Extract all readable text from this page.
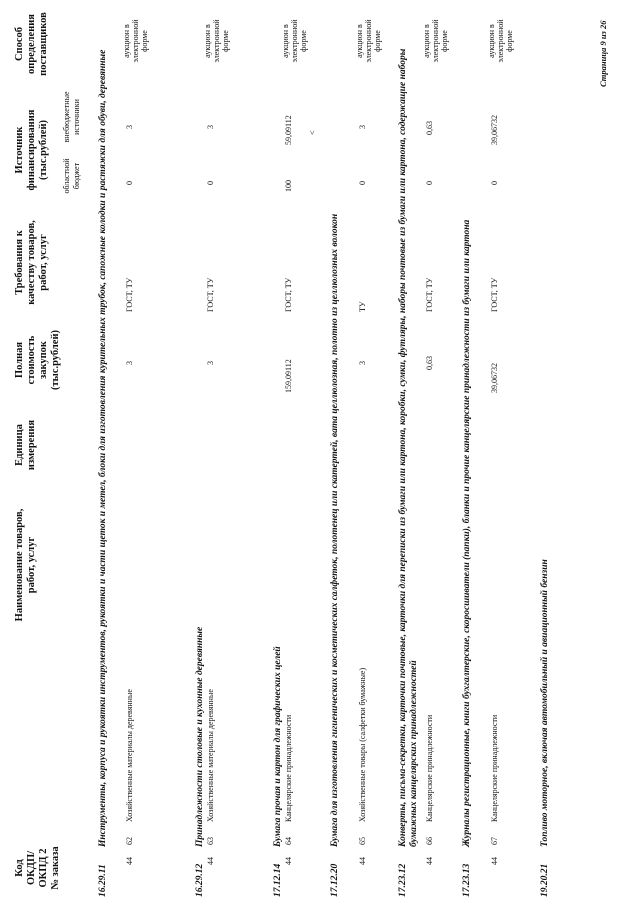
Код ОКДП/ ОКПД 2 № заказа
Наименование товаров, работ, услуг
Единица измерения
Полная стоимость закупок (тыс.рублей)
Требования к качеству товаров, работ, услуг
Источник финансирования (тыс.рублей) областной бюджет
внебюджетные источники
Способ определения поставщиков
16.29.11
Инструменты, корпуса и рукоятки инструментов, рукоятки и части щеток и метел, блоки для изготовления курительных трубок, сапожные колодки и растяжки для обуви, деревянные
44
62
Хозяйственные материалы деревянные
3
ГОСТ, ТУ
0
3
аукцион в электронной форме
16.29.12
Принадлежности столовые и кухонные деревянные
44
63
Хозяйственные материалы деревянные
3
ГОСТ, ТУ
0
3
аукцион в электронной форме
17.12.14
Бумага прочая и картон для графических целей
44
64
Канцелярские принадлежности
159,09112
ГОСТ, ТУ
100
59,09112
аукцион в электронной форме
<
17.12.20
Бумага для изготовления гигиенических и косметических салфеток, полотенец или скатертей, вата целлюлозная, полотно из целлюлозных волокон
44
65
Хозяйственные товары (салфетки бумажные)
3
ТУ
0
3
аукцион в электронной форме
17.23.12
Конверты, письма-секретки, карточки почтовые, карточки для переписки из бумаги или картона, коробки, сумки, футляры, наборы почтовые из бумаги или картона, содержащие наборы бумажных канцелярских принадлежностей
44
66
Канцелярские принадлежности
0,63
ГОСТ, ТУ
0
0,63
аукцион в электронной форме
17.23.13
Журналы регистрационные, книги бухгалтерские, скоросшиватели (папки), бланки и прочие канцелярские принадлежности из бумаги или картона
44
67
Канцелярские принадлежности
39,06732
ГОСТ, ТУ
0
39,06732
аукцион в электронной форме
19.20.21
Топливо моторное, включая автомобильный и авиационный бензин
Страница 9 из 26
